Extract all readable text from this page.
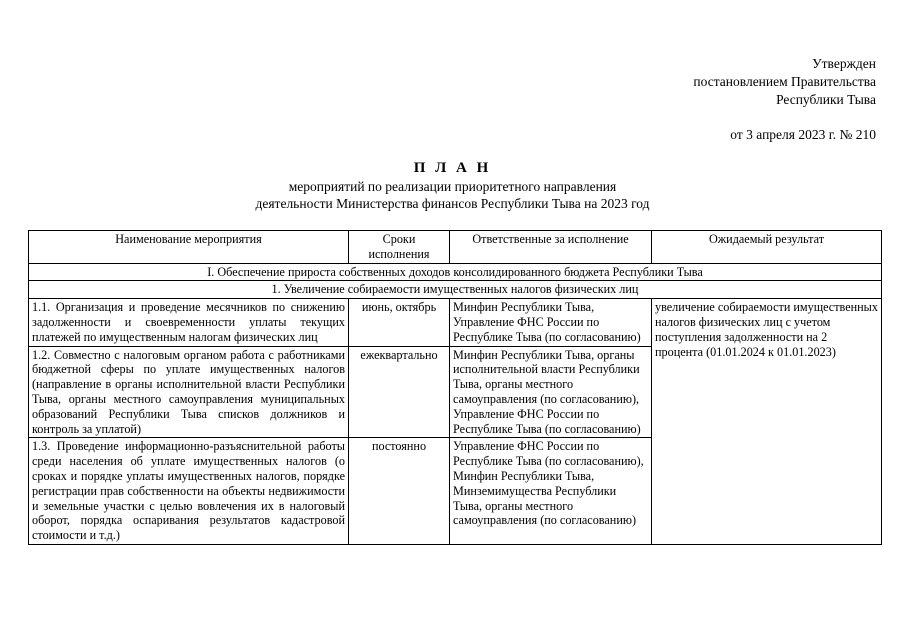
Утвержден
постановлением Правительства
Республики Тыва
от 3 апреля 2023 г. № 210
П Л А Н
мероприятий по реализации приоритетного направления
деятельности Министерства финансов Республики Тыва на 2023 год
Наименование мероприятия	Сроки исполнения	Ответственные за исполнение	Ожидаемый результат
I. Обеспечение прироста собственных доходов консолидированного бюджета Республики Тыва			
1. Увеличение собираемости имущественных налогов физических лиц			
1.1. Организация и проведение месячников по снижению задолженности и своевременности уплаты текущих платежей по имущественным налогам физических лиц	июнь, октябрь	Минфин Республики Тыва, Управление ФНС России по Республике Тыва (по согласованию)	увеличение собираемости имущественных налогов физических лиц с учетом поступления задолженности на 2 процента (01.01.2024 к 01.01.2023)
1.2. Совместно с налоговым органом работа с работниками бюджетной сферы по уплате имущественных налогов (направление в органы исполнительной власти Республики Тыва, органы местного самоуправления муниципальных образований Республики Тыва списков должников и контроль за уплатой)	ежеквартально	Минфин Республики Тыва, органы исполнительной власти Республики Тыва, органы местного самоуправления (по согласованию), Управление ФНС России по Республике Тыва (по согласованию)	
1.3. Проведение информационно-разъяснительной работы среди населения об уплате имущественных налогов (о сроках и порядке уплаты имущественных налогов, порядке регистрации прав собственности на объекты недвижимости и земельные участки с целью вовлечения их в налоговый оборот, порядка оспаривания результатов кадастровой стоимости и т.д.)	постоянно	Управление ФНС России по Республике Тыва (по согласованию), Минфин Республики Тыва, Минземимущества Республики Тыва, органы местного самоуправления (по согласованию)	
